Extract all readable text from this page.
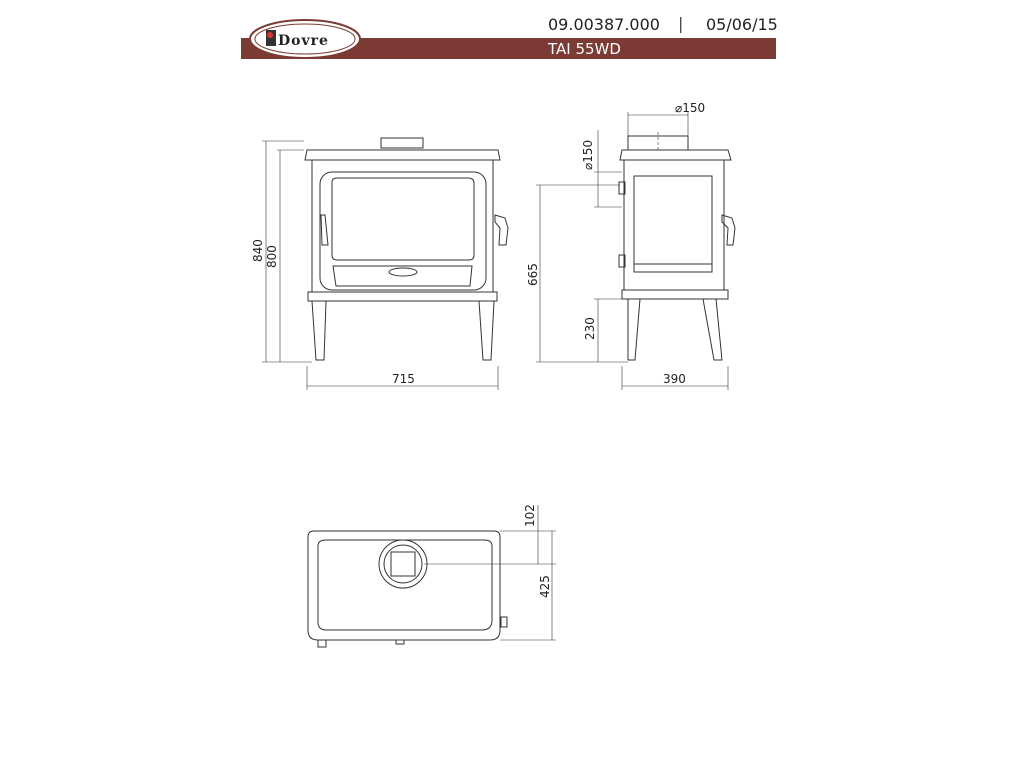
Dovre
09.00387.000 | 05/06/15
TAI 55WD
840 800
715
665
230
390
⌀150
⌀150
102
425
